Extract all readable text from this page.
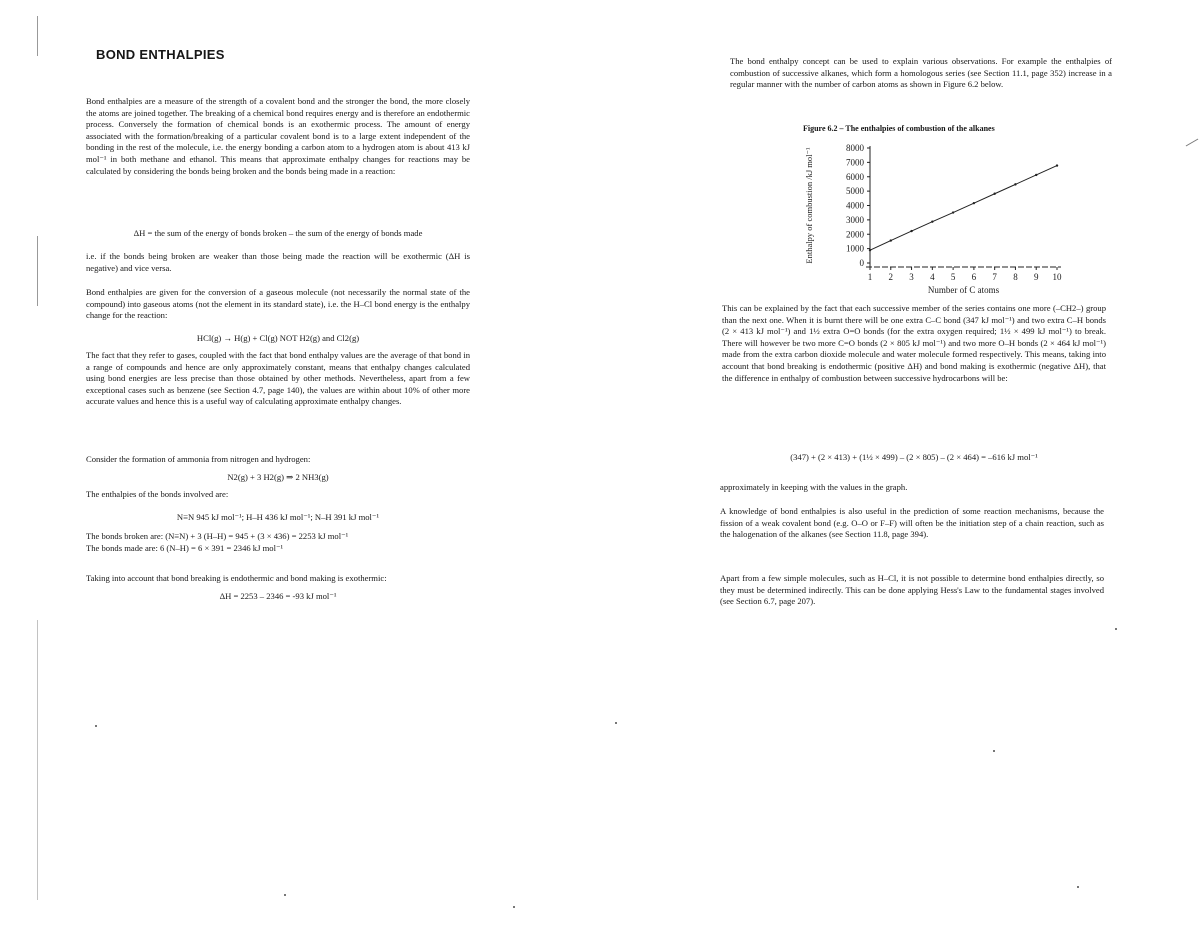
BOND ENTHALPIES

Bond enthalpies are a measure of the strength of a covalent bond and the stronger the bond, the more closely the atoms are joined together. The breaking of a chemical bond requires energy and is therefore an endothermic process. Conversely the formation of chemical bonds is an exothermic process. The amount of energy associated with the formation/breaking of a particular covalent bond is to a large extent independent of the bonding in the rest of the molecule, i.e. the energy bonding a carbon atom to a hydrogen atom is about 413 kJ mol⁻¹ in both methane and ethanol. This means that approximate enthalpy changes for reactions may be calculated by considering the bonds being broken and the bonds being made in a reaction:

ΔH = the sum of the energy of bonds broken – the sum of the energy of bonds made

i.e. if the bonds being broken are weaker than those being made the reaction will be exothermic (ΔH is negative) and vice versa.

Bond enthalpies are given for the conversion of a gaseous molecule (not necessarily the normal state of the compound) into gaseous atoms (not the element in its standard state), i.e. the H–Cl bond energy is the enthalpy change for the reaction:

HCl(g) → H(g) + Cl(g) NOT H2(g) and Cl2(g)

The fact that they refer to gases, coupled with the fact that bond enthalpy values are the average of that bond in a range of compounds and hence are only approximately constant, means that enthalpy changes calculated using bond energies are less precise than those obtained by other methods. Nevertheless, apart from a few exceptional cases such as benzene (see Section 4.7, page 140), the values are within about 10% of other more accurate values and hence this is a useful way of calculating approximate enthalpy changes.

Consider the formation of ammonia from nitrogen and hydrogen:

N2(g) + 3 H2(g) ⇒ 2 NH3(g)

The enthalpies of the bonds involved are:

N≡N 945 kJ mol⁻¹; H–H 436 kJ mol⁻¹; N–H 391 kJ mol⁻¹

The bonds broken are: (N≡N) + 3 (H–H) = 945 + (3 × 436) = 2253 kJ mol⁻¹

The bonds made are: 6 (N–H) = 6 × 391 = 2346 kJ mol⁻¹

Taking into account that bond breaking is endothermic and bond making is exothermic:

ΔH = 2253 – 2346 = -93 kJ mol⁻¹

The bond enthalpy concept can be used to explain various observations. For example the enthalpies of combustion of successive alkanes, which form a homologous series (see Section 11.1, page 352) increase in a regular manner with the number of carbon atoms as shown in Figure 6.2 below.

Figure 6.2 – The enthalpies of combustion of the alkanes
0
1000
2000
3000
4000
5000
6000
7000
8000
1 2 3 4 5 6 7 8 9 10
Number of C atoms
Enthalpy of combustion /kJ mol⁻¹

This can be explained by the fact that each successive member of the series contains one more (–CH2–) group than the next one. When it is burnt there will be one extra C–C bond (347 kJ mol⁻¹) and two extra C–H bonds (2 × 413 kJ mol⁻¹) and 1½ extra O=O bonds (for the extra oxygen required; 1½ × 499 kJ mol⁻¹) to break. There will however be two more C=O bonds (2 × 805 kJ mol⁻¹) and two more O–H bonds (2 × 464 kJ mol⁻¹) made from the extra carbon dioxide molecule and water molecule formed respectively. This means, taking into account that bond breaking is endothermic (positive ΔH) and bond making is exothermic (negative ΔH), that the difference in enthalpy of combustion between successive hydrocarbons will be:

(347) + (2 × 413) + (1½ × 499) – (2 × 805) – (2 × 464) = –616 kJ mol⁻¹

approximately in keeping with the values in the graph.

A knowledge of bond enthalpies is also useful in the prediction of some reaction mechanisms, because the fission of a weak covalent bond (e.g. O–O or F–F) will often be the initiation step of a chain reaction, such as the halogenation of the alkanes (see Section 11.8, page 394).

Apart from a few simple molecules, such as H–Cl, it is not possible to determine bond enthalpies directly, so they must be determined indirectly. This can be done applying Hess's Law to the fundamental stages involved (see Section 6.7, page 207).
